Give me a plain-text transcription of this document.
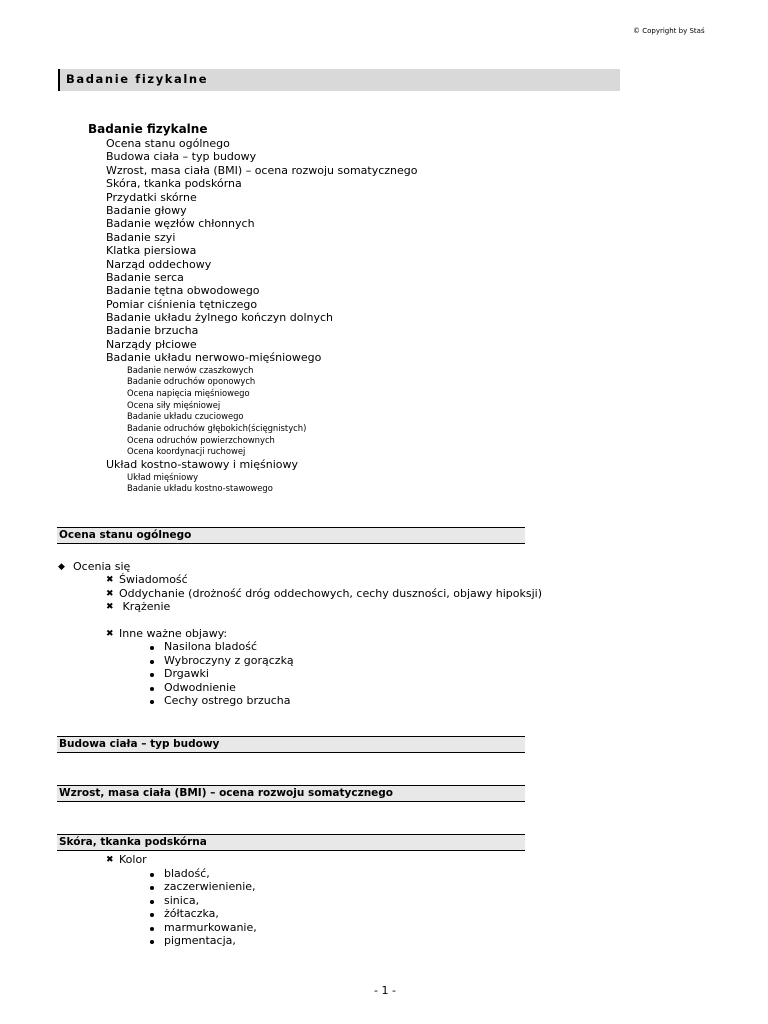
© Copyright by Staś
Badanie fizykalne
Badanie fizykalne
Ocena stanu ogólnego
Budowa ciała – typ budowy
Wzrost, masa ciała (BMI) – ocena rozwoju somatycznego
Skóra, tkanka podskórna
Przydatki skórne
Badanie głowy
Badanie węzłów chłonnych
Badanie szyi
Klatka piersiowa
Narząd oddechowy
Badanie serca
Badanie tętna obwodowego
Pomiar ciśnienia tętniczego
Badanie układu żylnego kończyn dolnych
Badanie brzucha
Narządy płciowe
Badanie układu nerwowo-mięśniowego
Badanie nerwów czaszkowych
Badanie odruchów oponowych
Ocena napięcia mięśniowego
Ocena siły mięśniowej
Badanie układu czuciowego
Badanie odruchów głębokich(ścięgnistych)
Ocena odruchów powierzchownych
Ocena koordynacji ruchowej
Układ kostno-stawowy i mięśniowy
Układ mięśniowy
Badanie układu kostno-stawowego
Ocena stanu ogólnego
◆ Ocenia się
✖ Świadomość
✖ Oddychanie (drożność dróg oddechowych, cechy duszności, objawy hipoksji)
✖ Krążenie
✖ Inne ważne objawy:
Nasilona bladość
Wybroczyny z gorączką
Drgawki
Odwodnienie
Cechy ostrego brzucha
Budowa ciała – typ budowy
Wzrost, masa ciała (BMI) – ocena rozwoju somatycznego
Skóra, tkanka podskórna
✖ Kolor
bladość,
zaczerwienienie,
sinica,
żółtaczka,
marmurkowanie,
pigmentacja,
- 1 -
